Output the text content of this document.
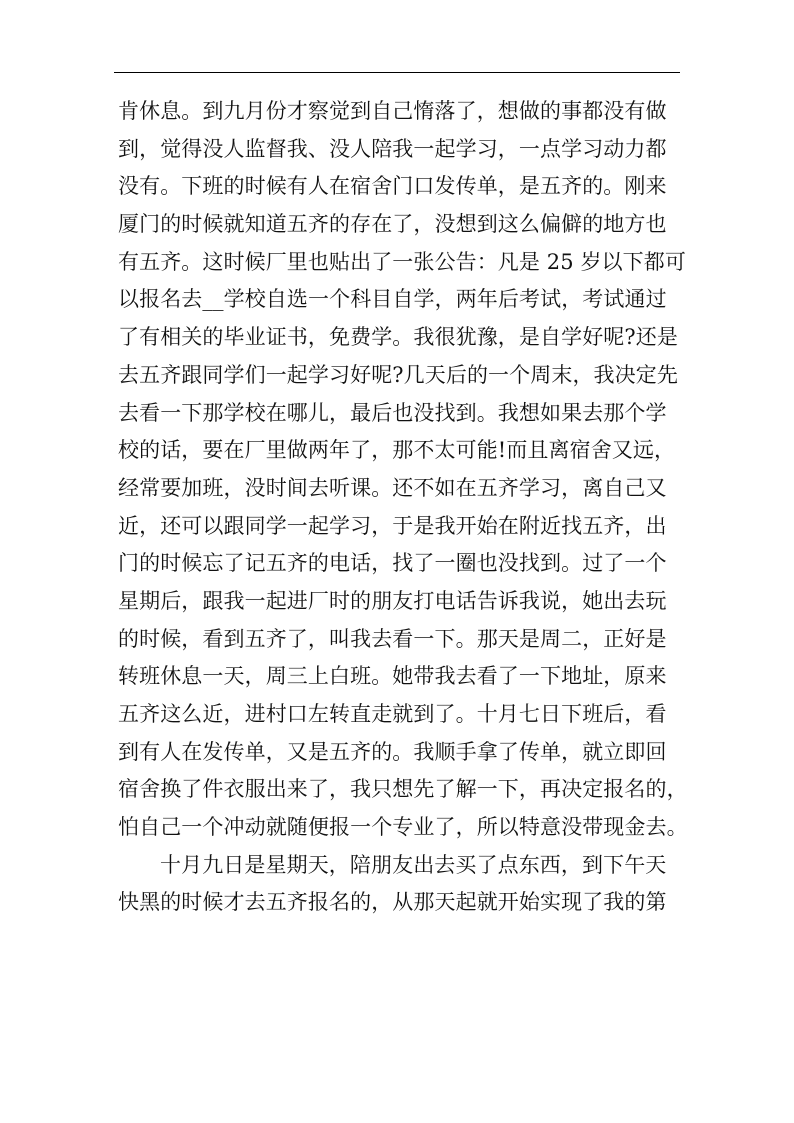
肯休息。到九月份才察觉到自己惰落了，想做的事都没有做
到，觉得没人监督我、没人陪我一起学习，一点学习动力都
没有。下班的时候有人在宿舍门口发传单，是五齐的。刚来
厦门的时候就知道五齐的存在了，没想到这么偏僻的地方也
有五齐。这时候厂里也贴出了一张公告：凡是 25 岁以下都可
以报名去__学校自选一个科目自学，两年后考试，考试通过
了有相关的毕业证书，免费学。我很犹豫，是自学好呢?还是
去五齐跟同学们一起学习好呢?几天后的一个周末，我决定先
去看一下那学校在哪儿，最后也没找到。我想如果去那个学
校的话，要在厂里做两年了，那不太可能!而且离宿舍又远，
经常要加班，没时间去听课。还不如在五齐学习，离自己又
近，还可以跟同学一起学习，于是我开始在附近找五齐，出
门的时候忘了记五齐的电话，找了一圈也没找到。过了一个
星期后，跟我一起进厂时的朋友打电话告诉我说，她出去玩
的时候，看到五齐了，叫我去看一下。那天是周二，正好是
转班休息一天，周三上白班。她带我去看了一下地址，原来
五齐这么近，进村口左转直走就到了。十月七日下班后，看
到有人在发传单，又是五齐的。我顺手拿了传单，就立即回
宿舍换了件衣服出来了，我只想先了解一下，再决定报名的，
怕自己一个冲动就随便报一个专业了，所以特意没带现金去。
十月九日是星期天，陪朋友出去买了点东西，到下午天
快黑的时候才去五齐报名的，从那天起就开始实现了我的第
